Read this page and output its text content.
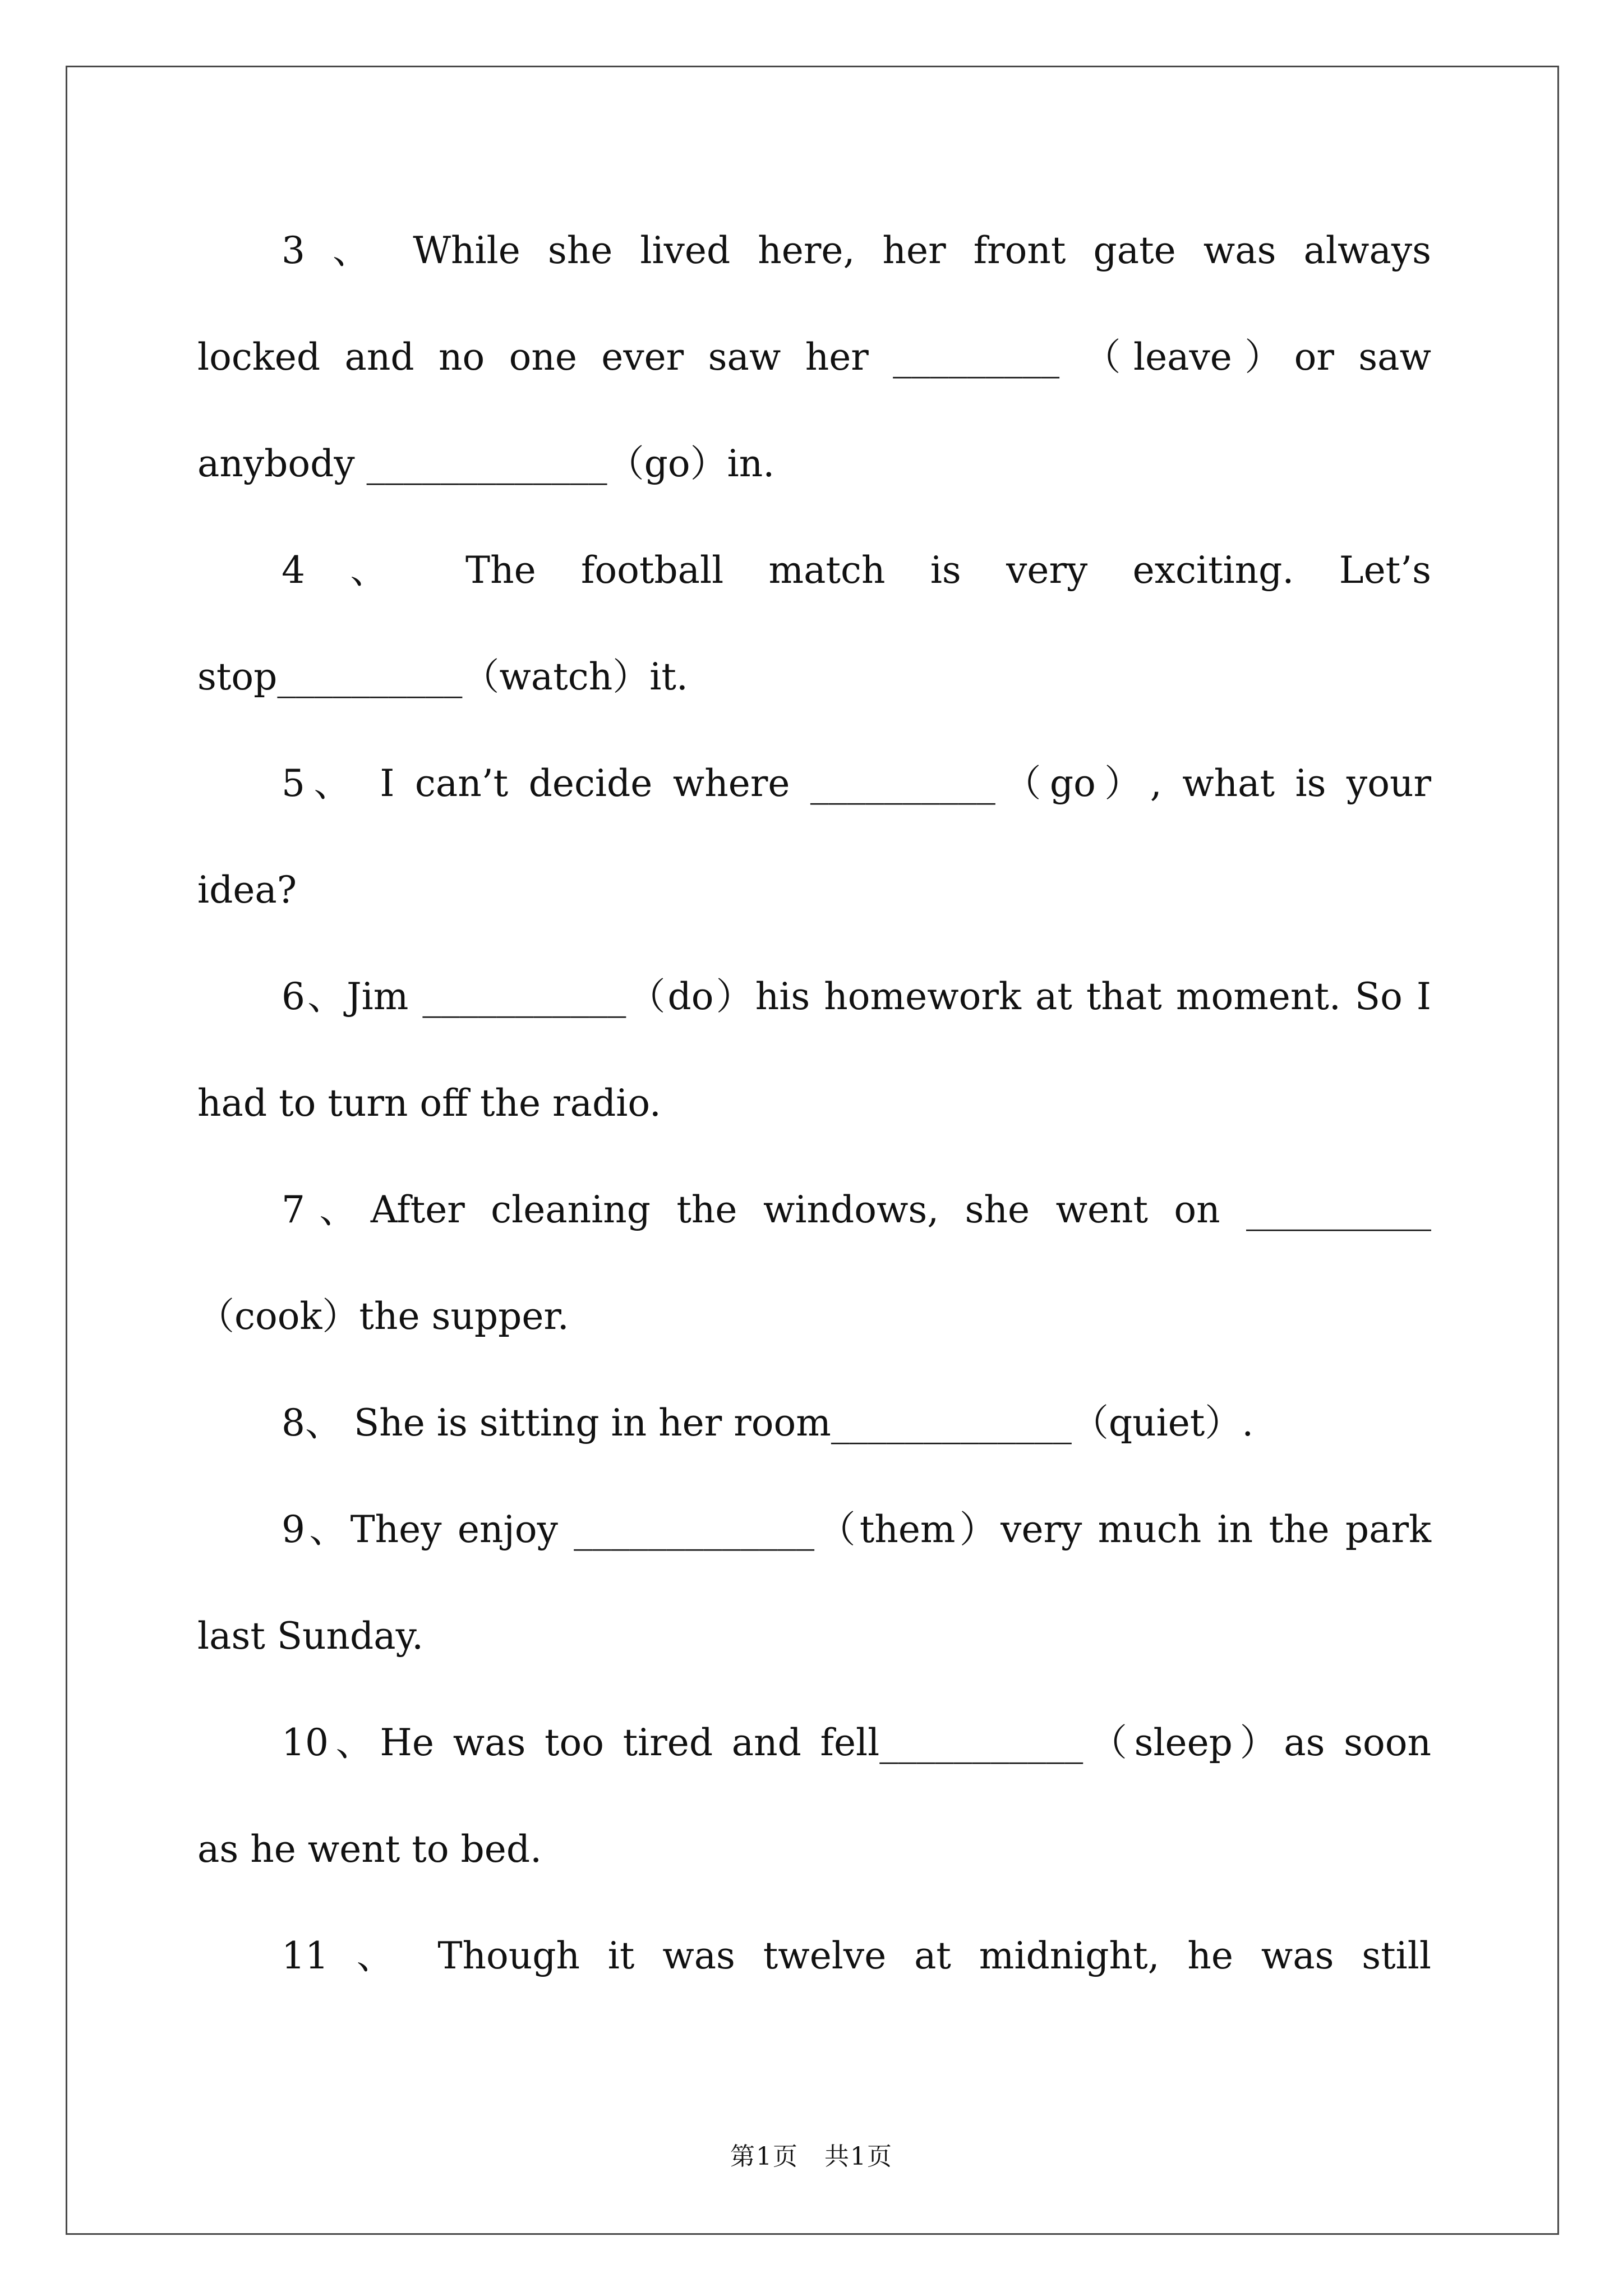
3 、 While she lived here, her front gate was always

locked and no one ever saw her _________ （leave）or saw

anybody _____________（go）in.

4 、 The football match is very exciting. Let’s

stop__________（watch）it.

5、 I can’t decide where __________（go）, what is your

idea?

6、Jim ___________（do）his homework at that moment. So I

had to turn off the radio.

7、After cleaning the windows, she went on __________

（cook）the supper.

8、 She is sitting in her room_____________（quiet）.

9、They enjoy _____________（them）very much in the park

last Sunday.

10、He was too tired and fell___________（sleep）as soon

as he went to bed.

11 、 Though it was twelve at midnight, he was still

第1页　共1页
